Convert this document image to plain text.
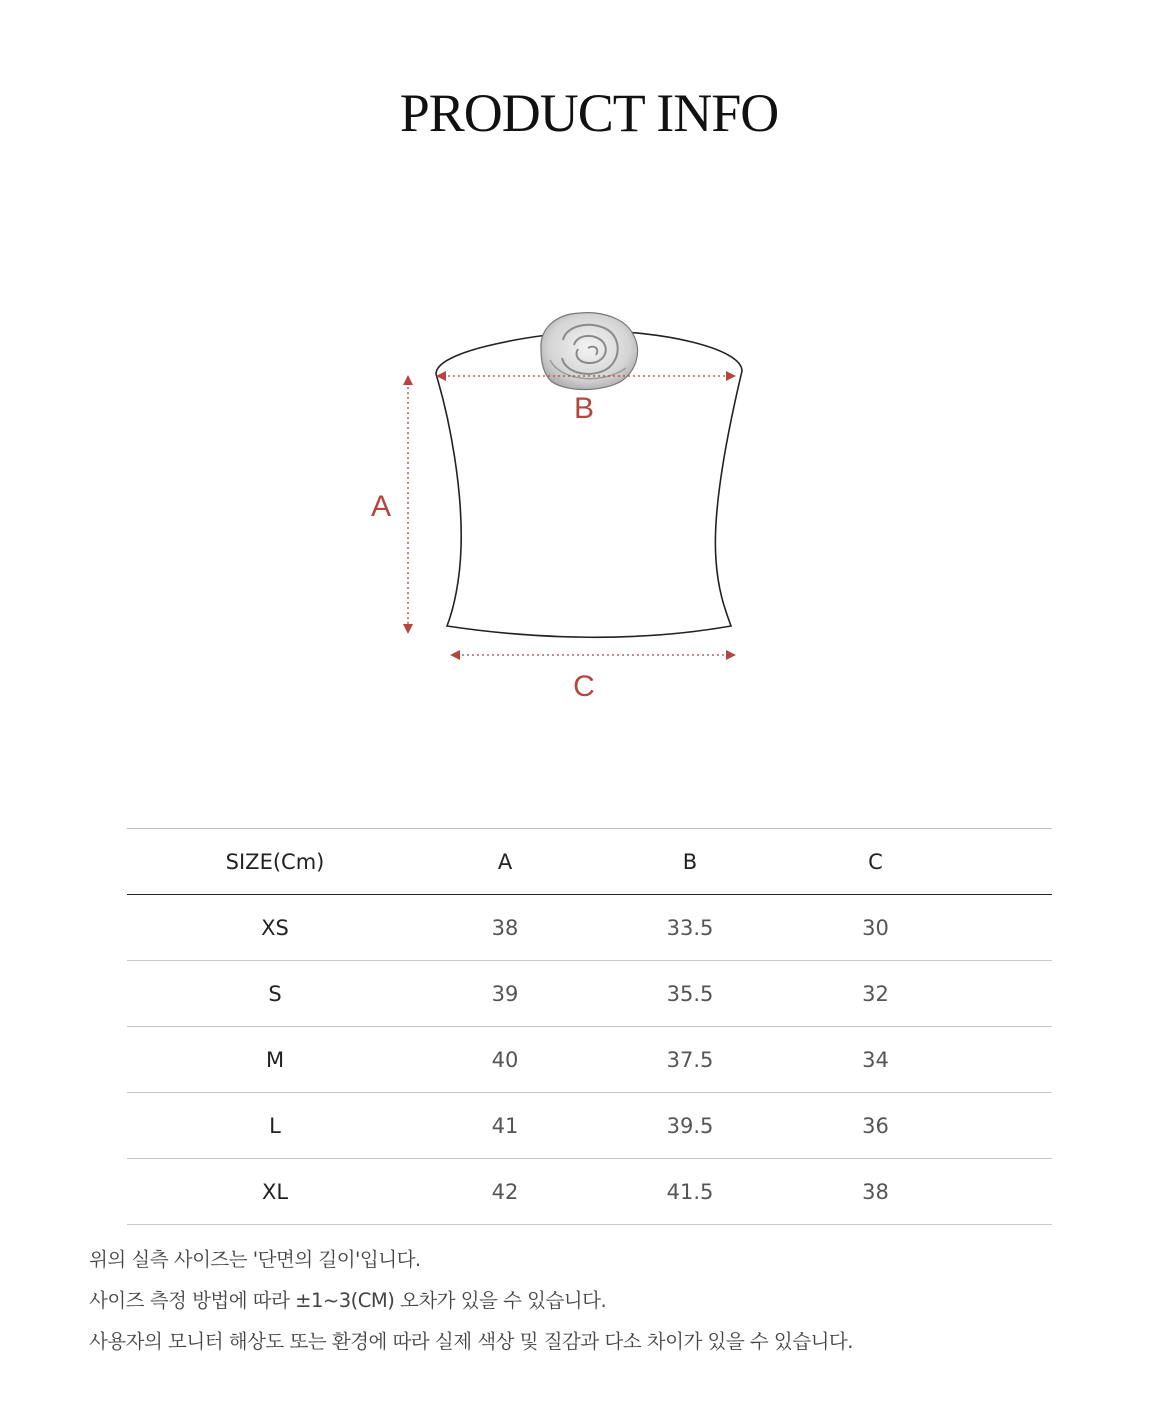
PRODUCT INFO
A
B
C
SIZE(Cm)	A	B	C	
XS	38	33.5	30	
S	39	35.5	32	
M	40	37.5	34	
L	41	39.5	36	
XL	42	41.5	38	

위의 실측 사이즈는 '단면의 길이'입니다.

사이즈 측정 방법에 따라 ±1~3(CM) 오차가 있을 수 있습니다.

사용자의 모니터 해상도 또는 환경에 따라 실제 색상 및 질감과 다소 차이가 있을 수 있습니다.
